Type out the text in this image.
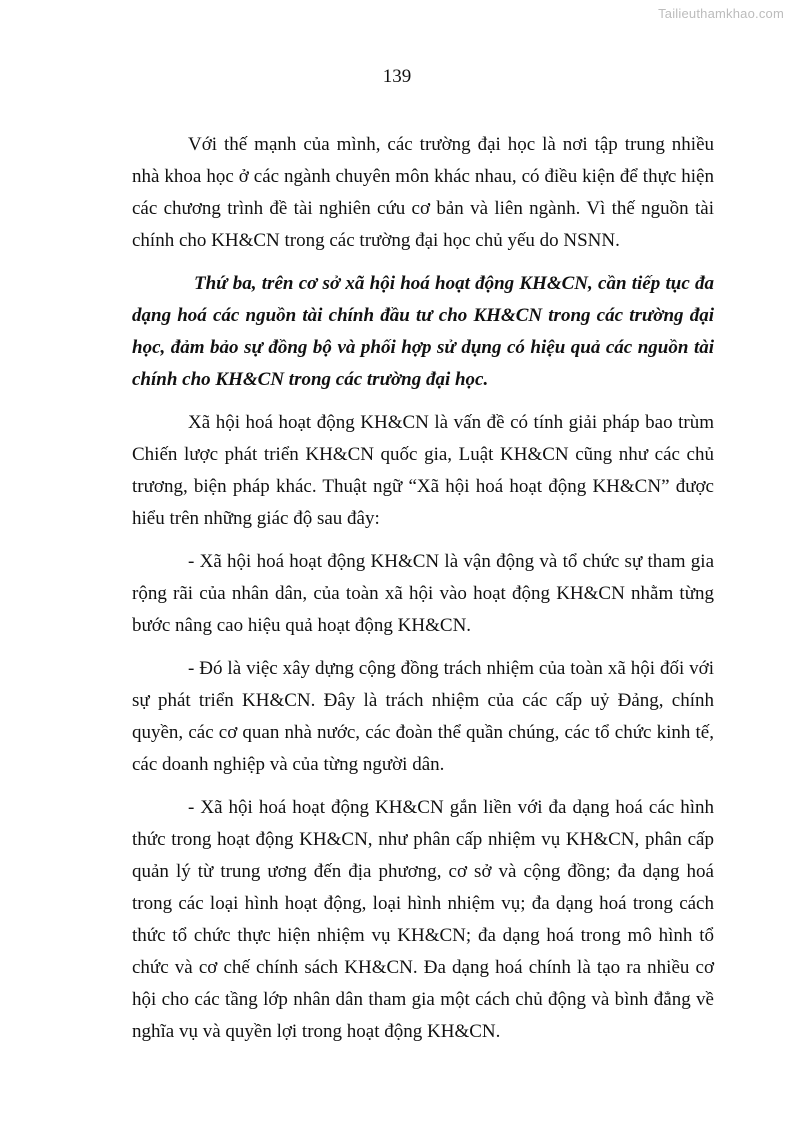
Tailieuthamkhao.com
139

Với thế mạnh của mình, các trường đại học là nơi tập trung nhiều nhà khoa học ở các ngành chuyên môn khác nhau, có điều kiện để thực hiện các chương trình đề tài nghiên cứu cơ bản và liên ngành. Vì thế nguồn tài chính cho KH&CN trong các trường đại học chủ yếu do NSNN.

Thứ ba, trên cơ sở xã hội hoá hoạt động KH&CN, cần tiếp tục đa dạng hoá các nguồn tài chính đầu tư cho KH&CN trong các trường đại học, đảm bảo sự đồng bộ và phối hợp sử dụng có hiệu quả các nguồn tài chính cho KH&CN trong các trường đại học.

Xã hội hoá hoạt động KH&CN là vấn đề có tính giải pháp bao trùm Chiến lược phát triển KH&CN quốc gia, Luật KH&CN cũng như các chủ trương, biện pháp khác. Thuật ngữ “Xã hội hoá hoạt động KH&CN” được hiểu trên những giác độ sau đây:

- Xã hội hoá hoạt động KH&CN là vận động và tổ chức sự tham gia rộng rãi của nhân dân, của toàn xã hội vào hoạt động KH&CN nhằm từng bước nâng cao hiệu quả hoạt động KH&CN.

- Đó là việc xây dựng cộng đồng trách nhiệm của toàn xã hội đối với sự phát triển KH&CN. Đây là trách nhiệm của các cấp uỷ Đảng, chính quyền, các cơ quan nhà nước, các đoàn thể quần chúng, các tổ chức kinh tế, các doanh nghiệp và của từng người dân.

- Xã hội hoá hoạt động KH&CN gắn liền với đa dạng hoá các hình thức trong hoạt động KH&CN, như phân cấp nhiệm vụ KH&CN, phân cấp quản lý từ trung ương đến địa phương, cơ sở và cộng đồng; đa dạng hoá trong các loại hình hoạt động, loại hình nhiệm vụ; đa dạng hoá trong cách thức tổ chức thực hiện nhiệm vụ KH&CN; đa dạng hoá trong mô hình tổ chức và cơ chế chính sách KH&CN. Đa dạng hoá chính là tạo ra nhiều cơ hội cho các tầng lớp nhân dân tham gia một cách chủ động và bình đẳng về nghĩa vụ và quyền lợi trong hoạt động KH&CN.
